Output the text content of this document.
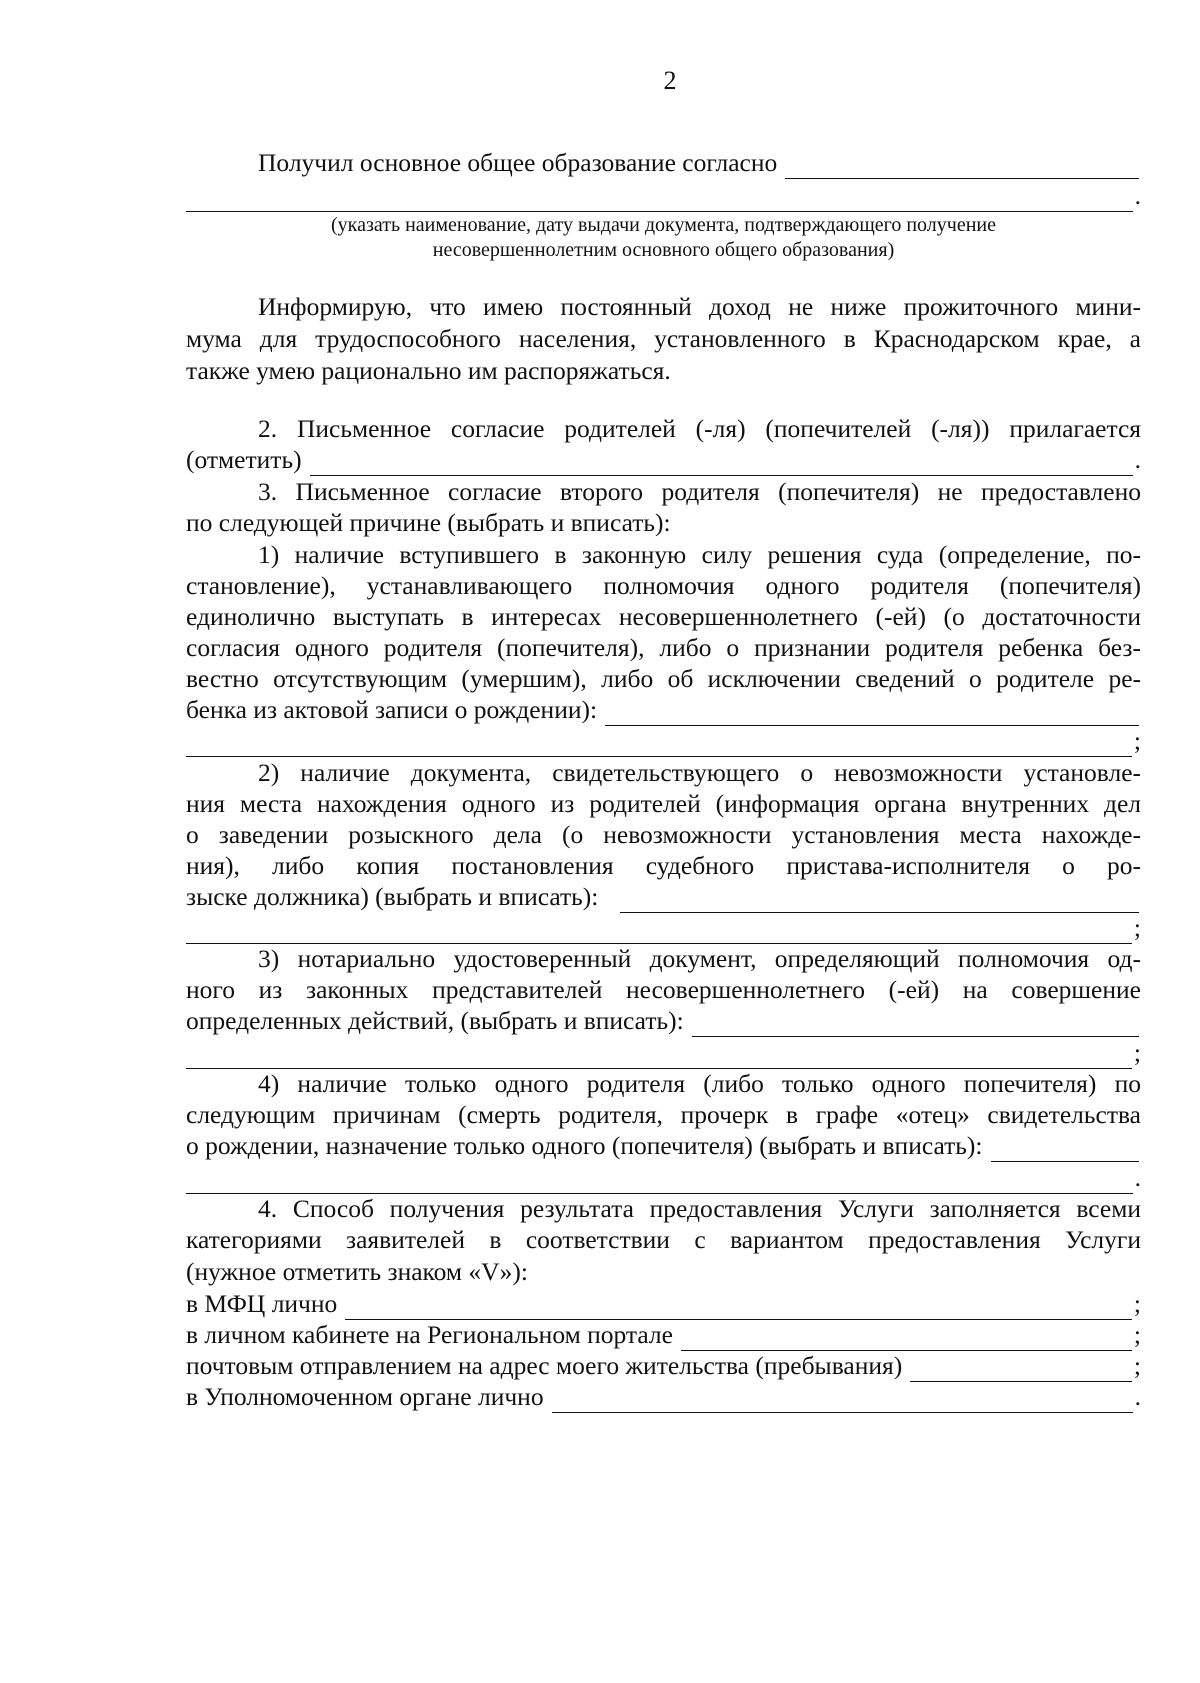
2
Получил основное общее образование согласно
.
(указать наименование, дату выдачи документа, подтверждающего получение
несовершеннолетним основного общего образования)
Информирую, что имею постоянный доход не ниже прожиточного мини-
мума для трудоспособного населения, установленного в Краснодарском крае, а
также умею рационально им распоряжаться.
2. Письменное согласие родителей (-ля) (попечителей (-ля)) прилагается
(отметить)	.
3. Письменное согласие второго родителя (попечителя) не предоставлено
по следующей причине (выбрать и вписать):
1) наличие вступившего в законную силу решения суда (определение, по-
становление), устанавливающего полномочия одного родителя (попечителя)
единолично выступать в интересах несовершеннолетнего (-ей) (о достаточности
согласия одного родителя (попечителя), либо о признании родителя ребенка без-
вестно отсутствующим (умершим), либо об исключении сведений о родителе ре-
бенка из актовой записи о рождении):
;
2) наличие документа, свидетельствующего о невозможности установле-
ния места нахождения одного из родителей (информация органа внутренних дел
о заведении розыскного дела (о невозможности установления места нахожде-
ния), либо копия постановления судебного пристава-исполнителя о ро-
зыске должника) (выбрать и вписать):
;
3) нотариально удостоверенный документ, определяющий полномочия од-
ного из законных представителей несовершеннолетнего (-ей) на совершение
определенных действий, (выбрать и вписать):
;
4) наличие только одного родителя (либо только одного попечителя) по
следующим причинам (смерть родителя, прочерк в графе «отец» свидетельства
о рождении, назначение только одного (попечителя) (выбрать и вписать):
.
4. Способ получения результата предоставления Услуги заполняется всеми
категориями заявителей в соответствии с вариантом предоставления Услуги
(нужное отметить знаком «V»):
в МФЦ лично	;
в личном кабинете на Региональном портале	;
почтовым отправлением на адрес моего жительства (пребывания)	;
в Уполномоченном органе лично	.
